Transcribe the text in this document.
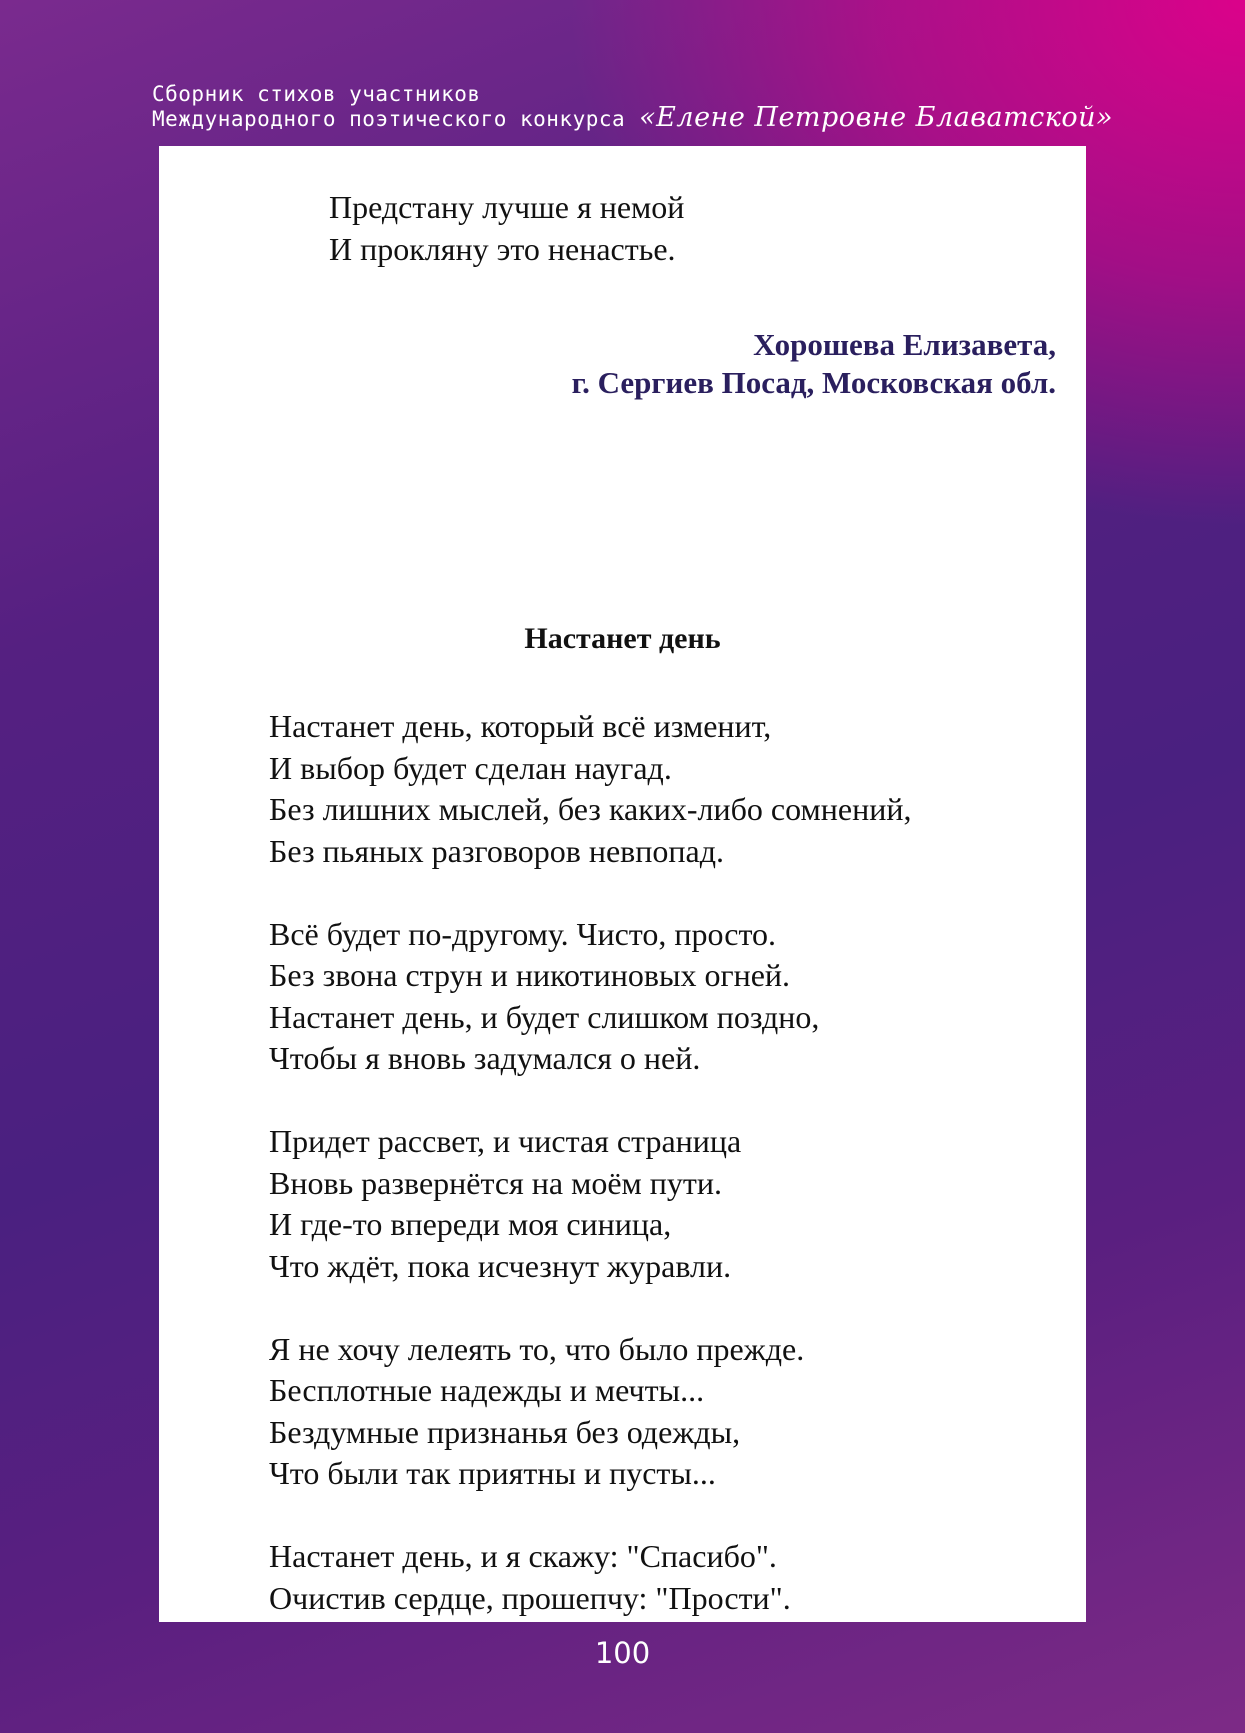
Сборник стихов участников
Международного поэтического конкурса «Елене Петровне Блаватской»
Предстану лучше я немой
И прокляну это ненастье.
Хорошева Елизавета,
г. Сергиев Посад, Московская обл.
Настанет день
Настанет день, который всё изменит,
И выбор будет сделан наугад.
Без лишних мыслей, без каких-либо сомнений,
Без пьяных разговоров невпопад.
Всё будет по-другому. Чисто, просто.
Без звона струн и никотиновых огней.
Настанет день, и будет слишком поздно,
Чтобы я вновь задумался о ней.
Придет рассвет, и чистая страница
Вновь развернётся на моём пути.
И где-то впереди моя синица,
Что ждёт, пока исчезнут журавли.
Я не хочу лелеять то, что было прежде.
Бесплотные надежды и мечты...
Бездумные признанья без одежды,
Что были так приятны и пусты...
Настанет день, и я скажу: "Спасибо".
Очистив сердце, прошепчу: "Прости".
100
